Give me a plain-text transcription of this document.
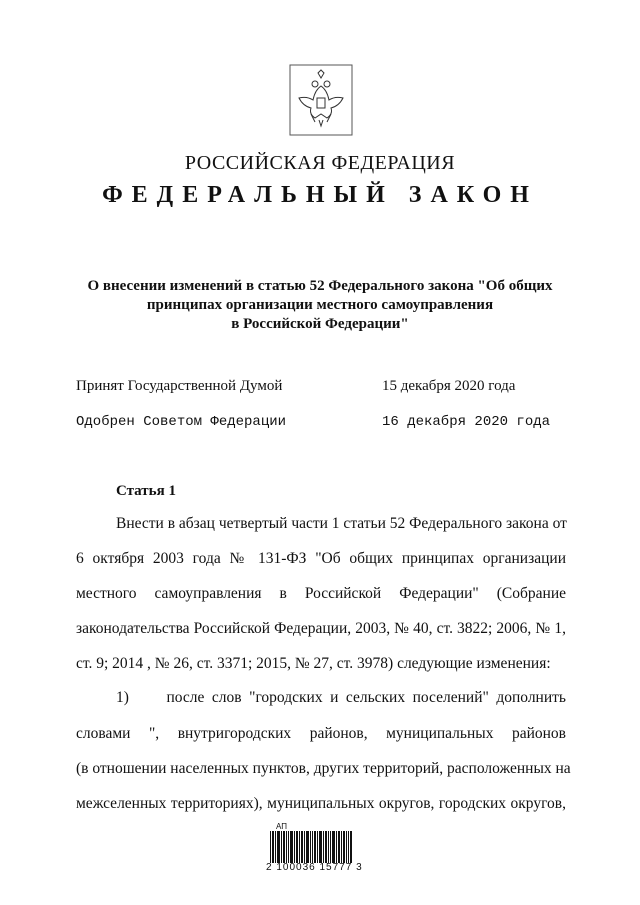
РОССИЙСКАЯ ФЕДЕРАЦИЯ
ФЕДЕРАЛЬНЫЙ ЗАКОН
О внесении изменений в статью 52 Федерального закона "Об общих
принципах организации местного самоуправления
в Российской Федерации"
Принят Государственной Думой	15 декабря 2020 года
Одобрен Советом Федерации	16 декабря 2020 года
Статья 1
Внести в абзац четвертый части 1 статьи 52 Федерального закона от
6 октября 2003 года № 131-ФЗ "Об общих принципах организации
местного самоуправления в Российской Федерации" (Собрание
законодательства Российской Федерации, 2003, № 40, ст. 3822; 2006, № 1,
ст. 9; 2014 , № 26, ст. 3371; 2015, № 27, ст. 3978) следующие изменения:
1)     после слов "городских и сельских поселений" дополнить
словами ", внутригородских районов, муниципальных районов
(в отношении населенных пунктов, других территорий, расположенных на
межселенных территориях), муниципальных округов, городских округов,
АП
2 100036 15777 3
